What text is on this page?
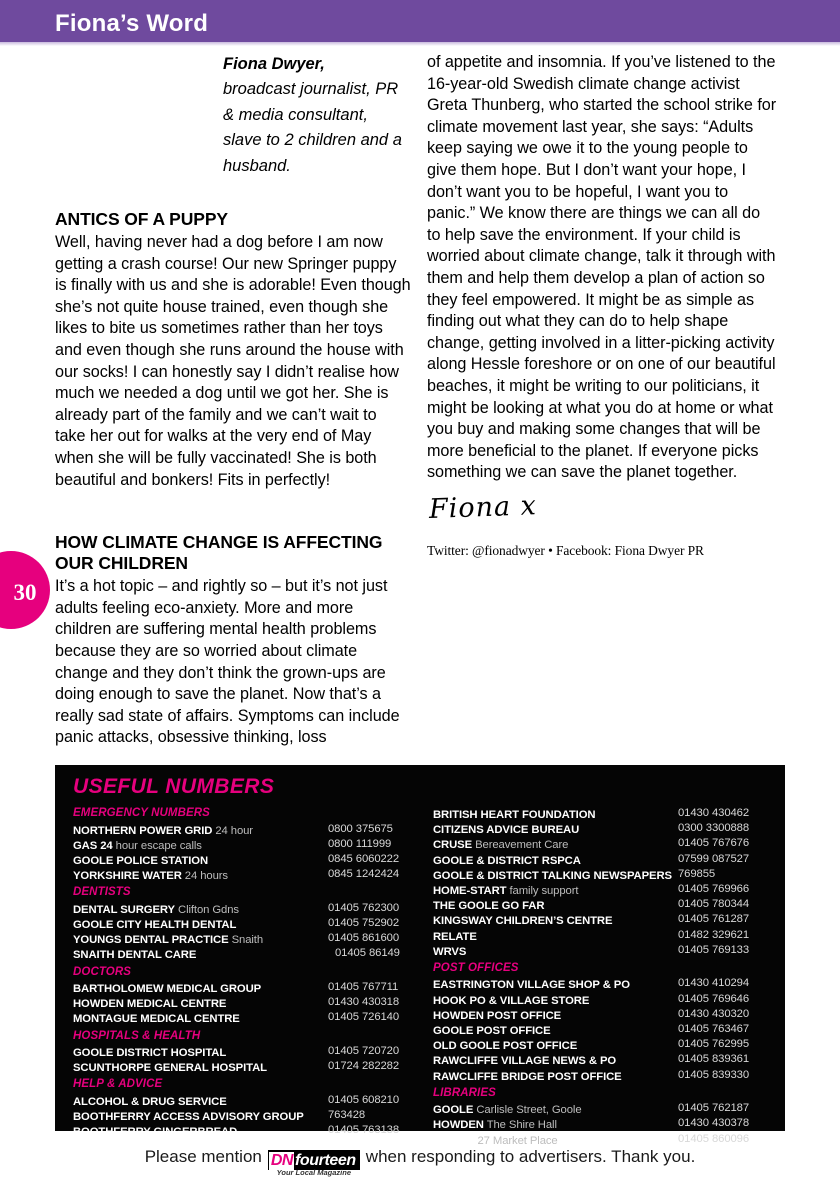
Fiona’s Word
30

Fiona Dwyer,

broadcast journalist, PR & media consultant, slave to 2 children and a husband.

ANTICS OF A PUPPY

Well, having never had a dog before I am now getting a crash course! Our new Springer puppy is finally with us and she is adorable! Even though she’s not quite house trained, even though she likes to bite us sometimes rather than her toys and even though she runs around the house with our socks! I can honestly say I didn’t realise how much we needed a dog until we got her. She is already part of the family and we can’t wait to take her out for walks at the very end of May when she will be fully vaccinated! She is both beautiful and bonkers! Fits in perfectly!

HOW CLIMATE CHANGE IS AFFECTING OUR CHILDREN

It’s a hot topic – and rightly so – but it’s not just adults feeling eco-anxiety. More and more children are suffering mental health problems because they are so worried about climate change and they don’t think the grown-ups are doing enough to save the planet. Now that’s a really sad state of affairs. Symptoms can include panic attacks, obsessive thinking, loss

of appetite and insomnia. If you’ve listened to the 16-year-old Swedish climate change activist Greta Thunberg, who started the school strike for climate movement last year, she says: “Adults keep saying we owe it to the young people to give them hope. But I don’t want your hope, I don’t want you to be hopeful, I want you to panic.” We know there are things we can all do to help save the environment. If your child is worried about climate change, talk it through with them and help them develop a plan of action so they feel empowered. It might be as simple as finding out what they can do to help shape change, getting involved in a litter-picking activity along Hessle foreshore or on one of our beautiful beaches, it might be writing to our politicians, it might be looking at what you do at home or what you buy and making some changes that will be more beneficial to the planet. If everyone picks something we can save the planet together.

Fiona x

Twitter: @fionadwyer • Facebook: Fiona Dwyer PR

USEFUL NUMBERS
EMERGENCY NUMBERS
NORTHERN POWER GRID 24 hour	0800 375675
GAS 24 hour escape calls	0800 111999
GOOLE POLICE STATION	0845 6060222
YORKSHIRE WATER 24 hours	0845 1242424
DENTISTS
DENTAL SURGERY Clifton Gdns	01405 762300
GOOLE CITY HEALTH DENTAL	01405 752902
YOUNGS DENTAL PRACTICE Snaith	01405 861600
SNAITH DENTAL CARE	01405 86149
DOCTORS
BARTHOLOMEW MEDICAL GROUP	01405 767711
HOWDEN MEDICAL CENTRE	01430 430318
MONTAGUE MEDICAL CENTRE	01405 726140
HOSPITALS & HEALTH
GOOLE DISTRICT HOSPITAL	01405 720720
SCUNTHORPE GENERAL HOSPITAL	01724 282282
HELP & ADVICE
ALCOHOL & DRUG SERVICE	01405 608210
BOOTHFERRY ACCESS ADVISORY GROUP 763428
BOOTHFERRY GINGERBREAD	01405 763138
BRITISH HEART FOUNDATION	01430 430462
CITIZENS ADVICE BUREAU	0300 3300888
CRUSE Bereavement Care	01405 767676
GOOLE & DISTRICT RSPCA	07599 087527
GOOLE & DISTRICT TALKING NEWSPAPERS 769855
HOME-START family support	01405 769966
THE GOOLE GO FAR	01405 780344
KINGSWAY CHILDREN’S CENTRE	01405 761287
RELATE	01482 329621
WRVS	01405 769133
POST OFFICES
EASTRINGTON VILLAGE SHOP & PO	01430 410294
HOOK PO & VILLAGE STORE	01405 769646
HOWDEN POST OFFICE	01430 430320
GOOLE POST OFFICE	01405 763467
OLD GOOLE POST OFFICE	01405 762995
RAWCLIFFE VILLAGE NEWS & PO	01405 839361
RAWCLIFFE BRIDGE POST OFFICE	01405 839330
LIBRARIES
GOOLE Carlisle Street, Goole	01405 762187
HOWDEN The Shire Hall	01430 430378
SNAITH 27 Market Place	01405 860096
Please mention DN fourteen
Your Local Magazine
when responding to advertisers. Thank you.
